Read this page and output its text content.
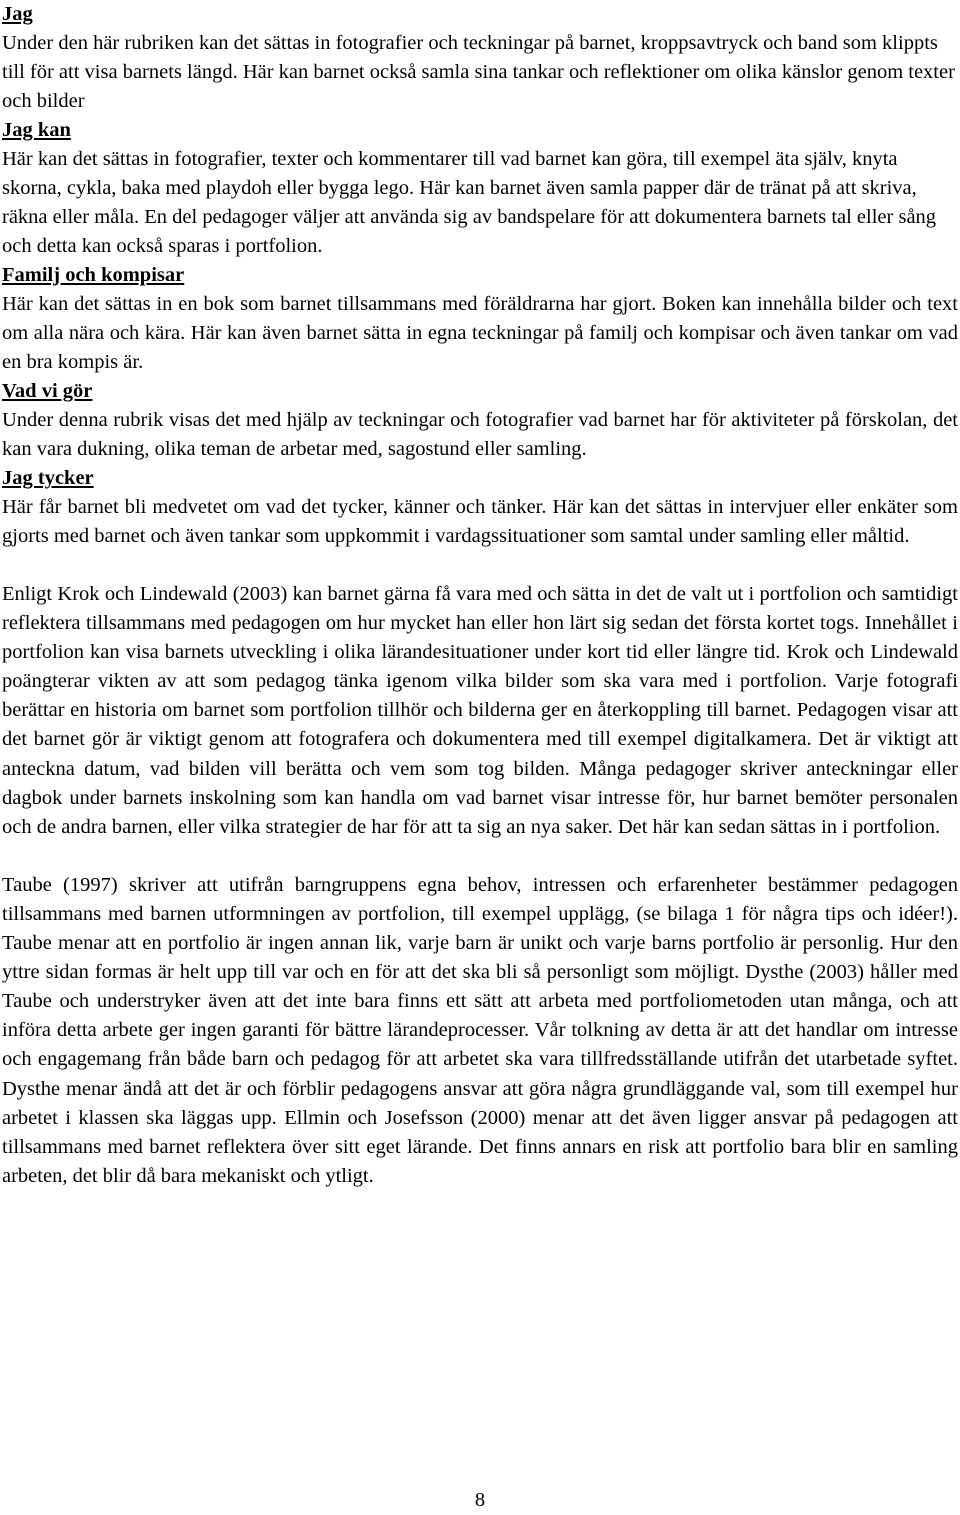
Jag

Under den här rubriken kan det sättas in fotografier och teckningar på barnet, kroppsavtryck och band som klippts till för att visa barnets längd. Här kan barnet också samla sina tankar och reflektioner om olika känslor genom texter och bilder

Jag kan

Här kan det sättas in fotografier, texter och kommentarer till vad barnet kan göra, till exempel äta själv, knyta skorna, cykla, baka med playdoh eller bygga lego. Här kan barnet även samla papper där de tränat på att skriva, räkna eller måla. En del pedagoger väljer att använda sig av bandspelare för att dokumentera barnets tal eller sång och detta kan också sparas i portfolion.

Familj och kompisar

Här kan det sättas in en bok som barnet tillsammans med föräldrarna har gjort. Boken kan innehålla bilder och text om alla nära och kära. Här kan även barnet sätta in egna teckningar på familj och kompisar och även tankar om vad en bra kompis är.

Vad vi gör

Under denna rubrik visas det med hjälp av teckningar och fotografier vad barnet har för aktiviteter på förskolan, det kan vara dukning, olika teman de arbetar med, sagostund eller samling.

Jag tycker

Här får barnet bli medvetet om vad det tycker, känner och tänker. Här kan det sättas in intervjuer eller enkäter som gjorts med barnet och även tankar som uppkommit i vardagssituationer som samtal under samling eller måltid.

Enligt Krok och Lindewald (2003) kan barnet gärna få vara med och sätta in det de valt ut i portfolion och samtidigt reflektera tillsammans med pedagogen om hur mycket han eller hon lärt sig sedan det första kortet togs. Innehållet i portfolion kan visa barnets utveckling i olika lärandesituationer under kort tid eller längre tid. Krok och Lindewald poängterar vikten av att som pedagog tänka igenom vilka bilder som ska vara med i portfolion. Varje fotografi berättar en historia om barnet som portfolion tillhör och bilderna ger en återkoppling till barnet. Pedagogen visar att det barnet gör är viktigt genom att fotografera och dokumentera med till exempel digitalkamera. Det är viktigt att anteckna datum, vad bilden vill berätta och vem som tog bilden. Många pedagoger skriver anteckningar eller dagbok under barnets inskolning som kan handla om vad barnet visar intresse för, hur barnet bemöter personalen och de andra barnen, eller vilka strategier de har för att ta sig an nya saker. Det här kan sedan sättas in i portfolion.

Taube (1997) skriver att utifrån barngruppens egna behov, intressen och erfarenheter bestämmer pedagogen tillsammans med barnen utformningen av portfolion, till exempel upplägg, (se bilaga 1 för några tips och idéer!). Taube menar att en portfolio är ingen annan lik, varje barn är unikt och varje barns portfolio är personlig. Hur den yttre sidan formas är helt upp till var och en för att det ska bli så personligt som möjligt. Dysthe (2003) håller med Taube och understryker även att det inte bara finns ett sätt att arbeta med portfoliometoden utan många, och att införa detta arbete ger ingen garanti för bättre lärandeprocesser. Vår tolkning av detta är att det handlar om intresse och engagemang från både barn och pedagog för att arbetet ska vara tillfredsställande utifrån det utarbetade syftet. Dysthe menar ändå att det är och förblir pedagogens ansvar att göra några grundläggande val, som till exempel hur arbetet i klassen ska läggas upp. Ellmin och Josefsson (2000) menar att det även ligger ansvar på pedagogen att tillsammans med barnet reflektera över sitt eget lärande. Det finns annars en risk att portfolio bara blir en samling arbeten, det blir då bara mekaniskt och ytligt.

8
